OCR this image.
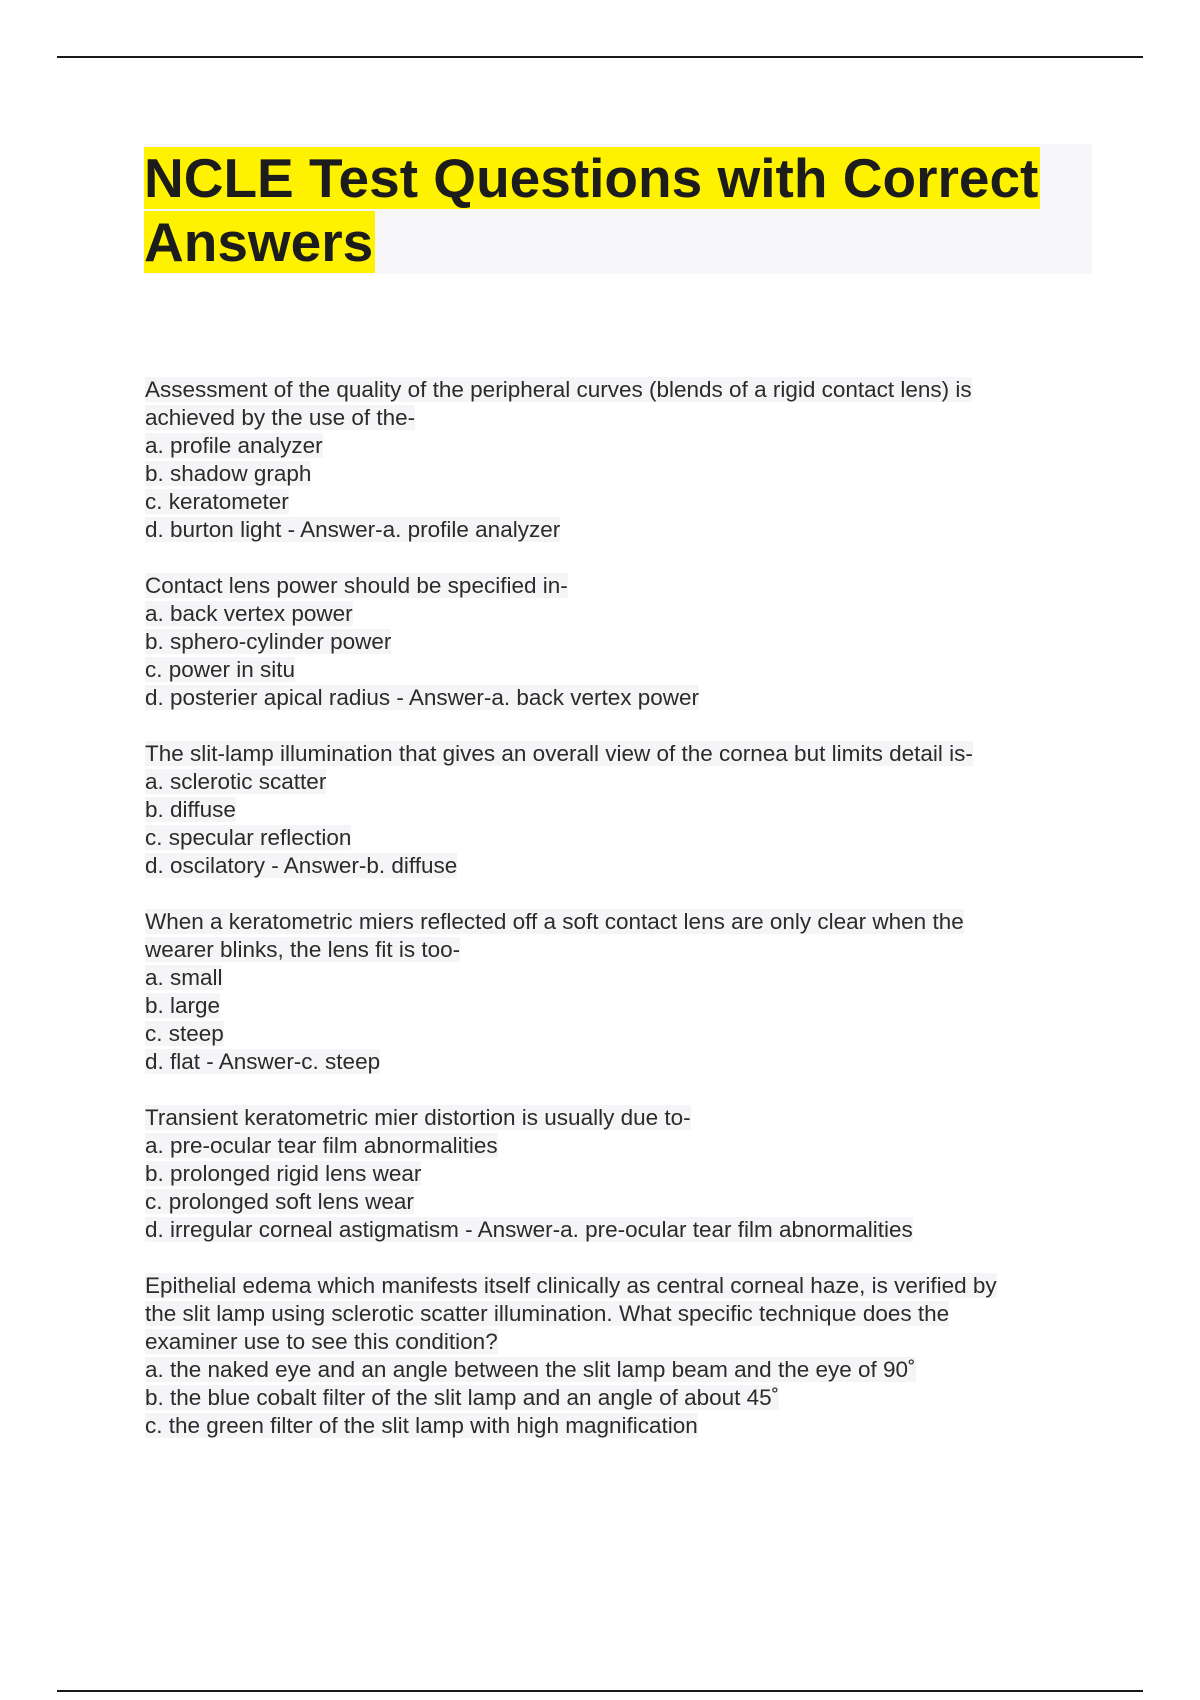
NCLE Test Questions with Correct
Answers
Assessment of the quality of the peripheral curves (blends of a rigid contact lens) is
achieved by the use of the-
a. profile analyzer
b. shadow graph
c. keratometer
d. burton light - Answer-a. profile analyzer
Contact lens power should be specified in-
a. back vertex power
b. sphero-cylinder power
c. power in situ
d. posterier apical radius - Answer-a. back vertex power
The slit-lamp illumination that gives an overall view of the cornea but limits detail is-
a. sclerotic scatter
b. diffuse
c. specular reflection
d. oscilatory - Answer-b. diffuse
When a keratometric miers reflected off a soft contact lens are only clear when the
wearer blinks, the lens fit is too-
a. small
b. large
c. steep
d. flat - Answer-c. steep
Transient keratometric mier distortion is usually due to-
a. pre-ocular tear film abnormalities
b. prolonged rigid lens wear
c. prolonged soft lens wear
d. irregular corneal astigmatism - Answer-a. pre-ocular tear film abnormalities
Epithelial edema which manifests itself clinically as central corneal haze, is verified by
the slit lamp using sclerotic scatter illumination. What specific technique does the
examiner use to see this condition?
a. the naked eye and an angle between the slit lamp beam and the eye of 90˚
b. the blue cobalt filter of the slit lamp and an angle of about 45˚
c. the green filter of the slit lamp with high magnification
